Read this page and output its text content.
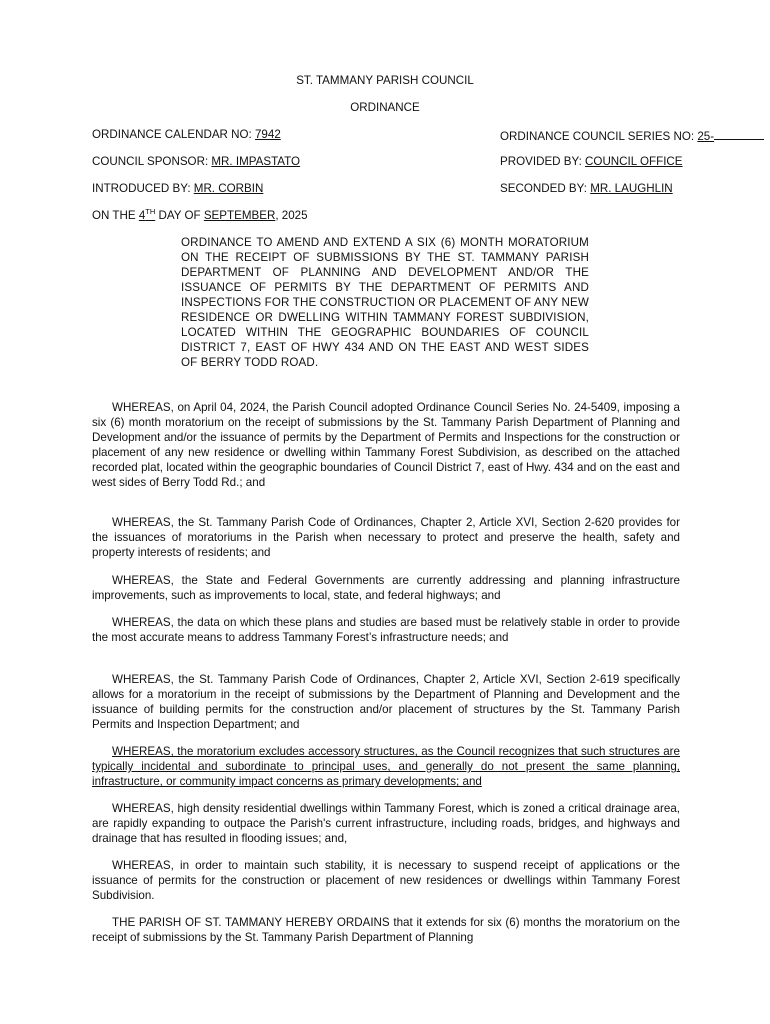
ST. TAMMANY PARISH COUNCIL
ORDINANCE
ORDINANCE CALENDAR NO: 7942	ORDINANCE COUNCIL SERIES NO: 25-
COUNCIL SPONSOR: MR. IMPASTATO	PROVIDED BY: COUNCIL OFFICE
INTRODUCED BY: MR. CORBIN	SECONDED BY: MR. LAUGHLIN
ON THE 4TH DAY OF SEPTEMBER, 2025
ORDINANCE TO AMEND AND EXTEND A SIX (6) MONTH MORATORIUM ON THE RECEIPT OF SUBMISSIONS BY THE ST. TAMMANY PARISH DEPARTMENT OF PLANNING AND DEVELOPMENT AND/OR THE ISSUANCE OF PERMITS BY THE DEPARTMENT OF PERMITS AND INSPECTIONS FOR THE CONSTRUCTION OR PLACEMENT OF ANY NEW RESIDENCE OR DWELLING WITHIN TAMMANY FOREST SUBDIVISION, LOCATED WITHIN THE GEOGRAPHIC BOUNDARIES OF COUNCIL DISTRICT 7, EAST OF HWY 434 AND ON THE EAST AND WEST SIDES OF BERRY TODD ROAD.
WHEREAS, on April 04, 2024, the Parish Council adopted Ordinance Council Series No. 24-5409, imposing a six (6) month moratorium on the receipt of submissions by the St. Tammany Parish Department of Planning and Development and/or the issuance of permits by the Department of Permits and Inspections for the construction or placement of any new residence or dwelling within Tammany Forest Subdivision, as described on the attached recorded plat, located within the geographic boundaries of Council District 7, east of Hwy. 434 and on the east and west sides of Berry Todd Rd.; and
WHEREAS, the St. Tammany Parish Code of Ordinances, Chapter 2, Article XVI, Section 2-620 provides for the issuances of moratoriums in the Parish when necessary to protect and preserve the health, safety and property interests of residents; and
WHEREAS, the State and Federal Governments are currently addressing and planning infrastructure improvements, such as improvements to local, state, and federal highways; and
WHEREAS, the data on which these plans and studies are based must be relatively stable in order to provide the most accurate means to address Tammany Forest’s infrastructure needs; and
WHEREAS, the St. Tammany Parish Code of Ordinances, Chapter 2, Article XVI, Section 2-619 specifically allows for a moratorium in the receipt of submissions by the Department of Planning and Development and the issuance of building permits for the construction and/or placement of structures by the St. Tammany Parish Permits and Inspection Department; and
WHEREAS, the moratorium excludes accessory structures, as the Council recognizes that such structures are typically incidental and subordinate to principal uses, and generally do not present the same planning, infrastructure, or community impact concerns as primary developments; and
WHEREAS, high density residential dwellings within Tammany Forest, which is zoned a critical drainage area, are rapidly expanding to outpace the Parish's current infrastructure, including roads, bridges, and highways and drainage that has resulted in flooding issues; and,
WHEREAS, in order to maintain such stability, it is necessary to suspend receipt of applications or the issuance of permits for the construction or placement of new residences or dwellings within Tammany Forest Subdivision.
THE PARISH OF ST. TAMMANY HEREBY ORDAINS that it extends for six (6) months the moratorium on the receipt of submissions by the St. Tammany Parish Department of Planning
